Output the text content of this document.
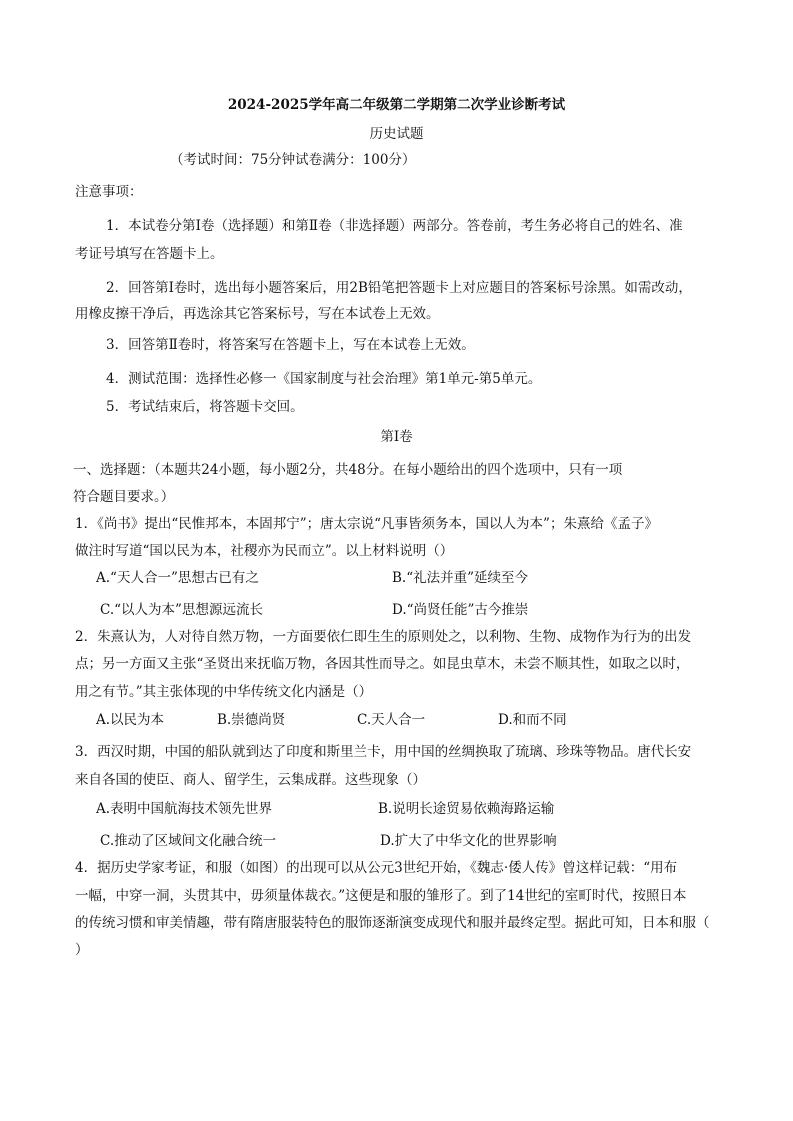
2024-2025学年高二年级第二学期第二次学业诊断考试
历史试题
（考试时间：75分钟试卷满分：100分）
注意事项：
1．本试卷分第Ⅰ卷（选择题）和第Ⅱ卷（非选择题）两部分。答卷前，考生务必将自己的姓名、准
考证号填写在答题卡上。
2．回答第Ⅰ卷时，选出每小题答案后，用2B铅笔把答题卡上对应题目的答案标号涂黑。如需改动，
用橡皮擦干净后，再选涂其它答案标号，写在本试卷上无效。
3．回答第Ⅱ卷时，将答案写在答题卡上，写在本试卷上无效。
4．测试范围：选择性必修一《国家制度与社会治理》第1单元-第5单元。
5．考试结束后，将答题卡交回。
第Ⅰ卷
一、选择题：（本题共24小题，每小题2分，共48分。在每小题给出的四个选项中，只有一项
符合题目要求。）
1．《尚书》提出“民惟邦本，本固邦宁”；唐太宗说“凡事皆须务本，国以人为本”；朱熹给《孟子》
做注时写道“国以民为本，社稷亦为民而立”。以上材料说明（）
A.“天人合一”思想古已有之	B.“礼法并重”延续至今
C.“以人为本”思想源远流长	D.“尚贤任能”古今推崇
2．朱熹认为，人对待自然万物，一方面要依仁即生生的原则处之，以利物、生物、成物作为行为的出发
点；另一方面又主张“圣贤出来抚临万物，各因其性而导之。如昆虫草木，未尝不顺其性，如取之以时，
用之有节。”其主张体现的中华传统文化内涵是（）
A.以民为本	B.崇德尚贤	C.天人合一	D.和而不同
3．西汉时期，中国的船队就到达了印度和斯里兰卡，用中国的丝绸换取了琉璃、珍珠等物品。唐代长安
来自各国的使臣、商人、留学生，云集成群。这些现象（）
A.表明中国航海技术领先世界	B.说明长途贸易依赖海路运输
C.推动了区域间文化融合统一	D.扩大了中华文化的世界影响
4．据历史学家考证，和服（如图）的出现可以从公元3世纪开始，《魏志·倭人传》曾这样记载：“用布
一幅，中穿一洞，头贯其中，毋须量体裁衣。”这便是和服的雏形了。到了14世纪的室町时代，按照日本
的传统习惯和审美情趣，带有隋唐服装特色的服饰逐渐演变成现代和服并最终定型。据此可知，日本和服（
）
